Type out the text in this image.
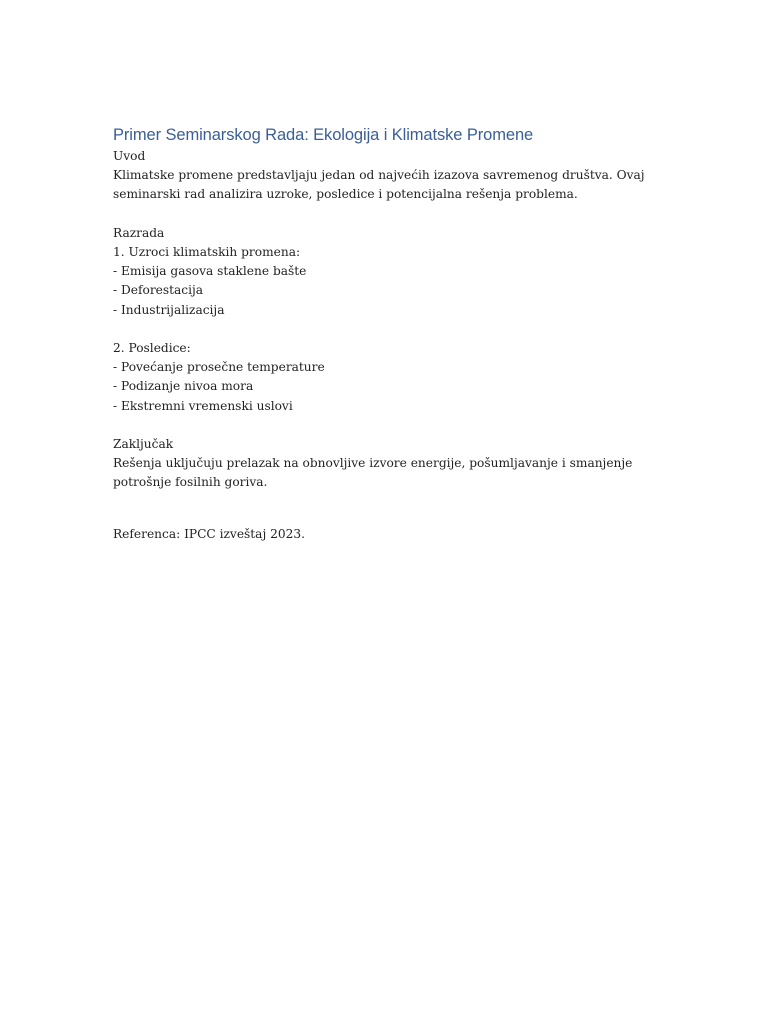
Primer Seminarskog Rada: Ekologija i Klimatske Promene
Uvod
Klimatske promene predstavljaju jedan od najvećih izazova savremenog društva. Ovaj seminarski rad analizira uzroke, posledice i potencijalna rešenja problema.
Razrada
1. Uzroci klimatskih promena:
- Emisija gasova staklene bašte
- Deforestacija
- Industrijalizacija
2. Posledice:
- Povećanje prosečne temperature
- Podizanje nivoa mora
- Ekstremni vremenski uslovi
Zaključak
Rešenja uključuju prelazak na obnovljive izvore energije, pošumljavanje i smanjenje potrošnje fosilnih goriva.
Referenca: IPCC izveštaj 2023.
